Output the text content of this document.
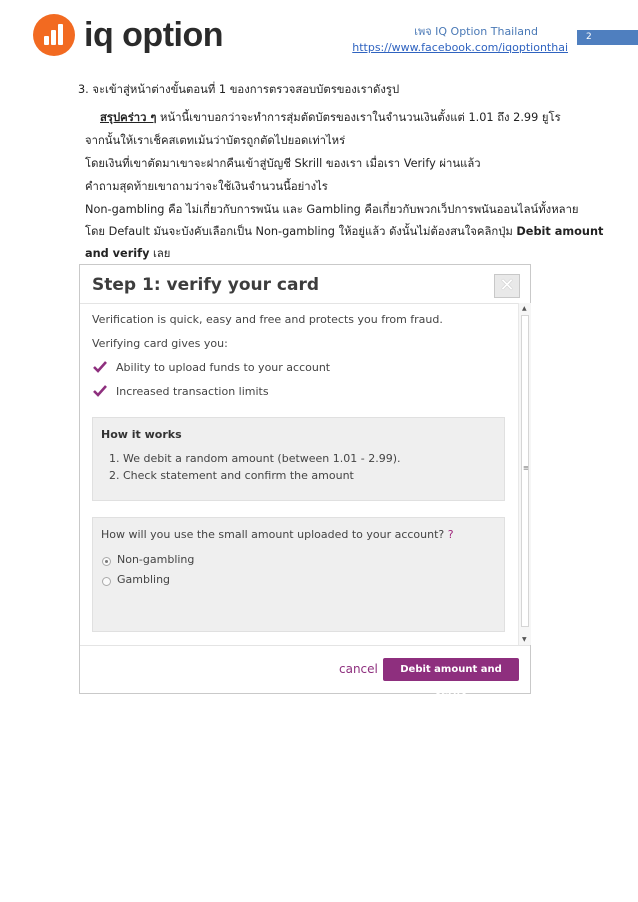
iq option	เพจ IQ Option Thailand
https://www.facebook.com/iqoptionthai
2
3. จะเข้าสู่หน้าต่างขั้นตอนที่ 1 ของการตรวจสอบบัตรของเราดังรูป
สรุปคร่าว ๆ หน้านี้เขาบอกว่าจะทำการสุ่มตัดบัตรของเราในจำนวนเงินตั้งแต่ 1.01 ถึง 2.99 ยูโร
จากนั้นให้เราเช็คสเตทเม้นว่าบัตรถูกตัดไปยอดเท่าไหร่
โดยเงินที่เขาตัดมาเขาจะฝากคืนเข้าสู่บัญชี Skrill ของเรา เมื่อเรา Verify ผ่านแล้ว
คำถามสุดท้ายเขาถามว่าจะใช้เงินจำนวนนี้อย่างไร
Non-gambling คือ ไม่เกี่ยวกับการพนัน และ Gambling คือเกี่ยวกับพวกเว็ปการพนันออนไลน์ทั้งหลาย
โดย Default มันจะบังคับเลือกเป็น Non-gambling ให้อยู่แล้ว ดังนั้นไม่ต้องสนใจคลิกปุ่ม Debit amount
and verify เลย
Step 1: verify your card	✕
▲
≡
▼
Verification is quick, easy and free and protects you from fraud.
Verifying card gives you:
Ability to upload funds to your account
Increased transaction limits
How it works
1. We debit a random amount (between 1.01 - 2.99).
2. Check statement and confirm the amount
How will you use the small amount uploaded to your account? ?
Non-gambling
Gambling
cancel	Debit amount and verify
